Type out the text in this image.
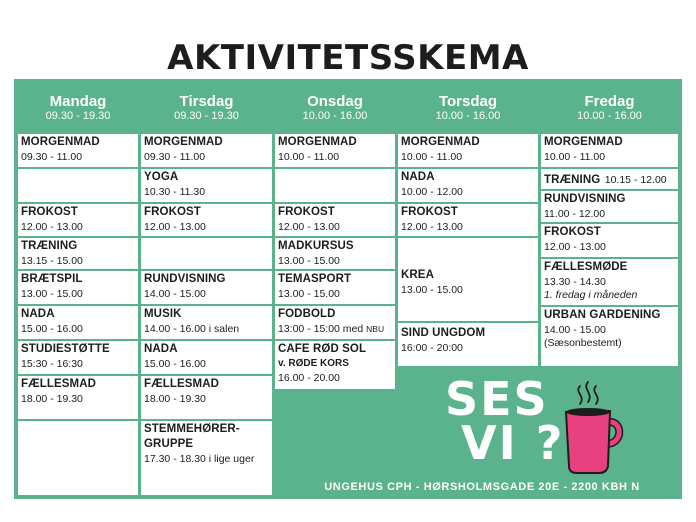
AKTIVITETSSKEMA
Mandag
09.30 - 19.30
Tirsdag
09.30 - 19.30
Onsdag
10.00 - 16.00
Torsdag
10.00 - 16.00
Fredag
10.00 - 16.00
MORGENMAD
09.30 - 11.00
FROKOST
12.00 - 13.00
TRÆNING
13.15 - 15.00
BRÆTSPIL
13.00 - 15.00
NADA
15.00 - 16.00
STUDIESTØTTE
15:30 - 16:30
FÆLLESMAD
18.00 - 19.30
MORGENMAD
09.30 - 11.00
YOGA
10.30 - 11.30
FROKOST
12.00 - 13.00
RUNDVISNING
14.00 - 15.00
MUSIK
14.00 - 16.00 i salen
NADA
15.00 - 16.00
FÆLLESMAD
18.00 - 19.30
STEMMEHØRER-
GRUPPE
17.30 - 18.30 i lige uger
MORGENMAD
10.00 - 11.00
FROKOST
12.00 - 13.00
MADKURSUS
13.00 - 15.00
TEMASPORT
13.00 - 15.00
FODBOLD
13:00 - 15:00 med NBU
CAFE RØD SOL
v. RØDE KORS
16.00 - 20.00
MORGENMAD
10.00 - 11.00
NADA
10.00 - 12.00
FROKOST
12.00 - 13.00
KREA
13.00 - 15.00
SIND UNGDOM
16:00 - 20:00
MORGENMAD
10.00 - 11.00
TRÆNING 10.15 - 12.00
RUNDVISNING
11.00 - 12.00
FROKOST
12.00 - 13.00
FÆLLESMØDE
13.30 - 14.30
1. fredag i måneden
URBAN GARDENING
14.00 - 15.00
(Sæsonbestemt)
SES
VI ?
UNGEHUS CPH - HØRSHOLMSGADE 20E - 2200 KBH N
